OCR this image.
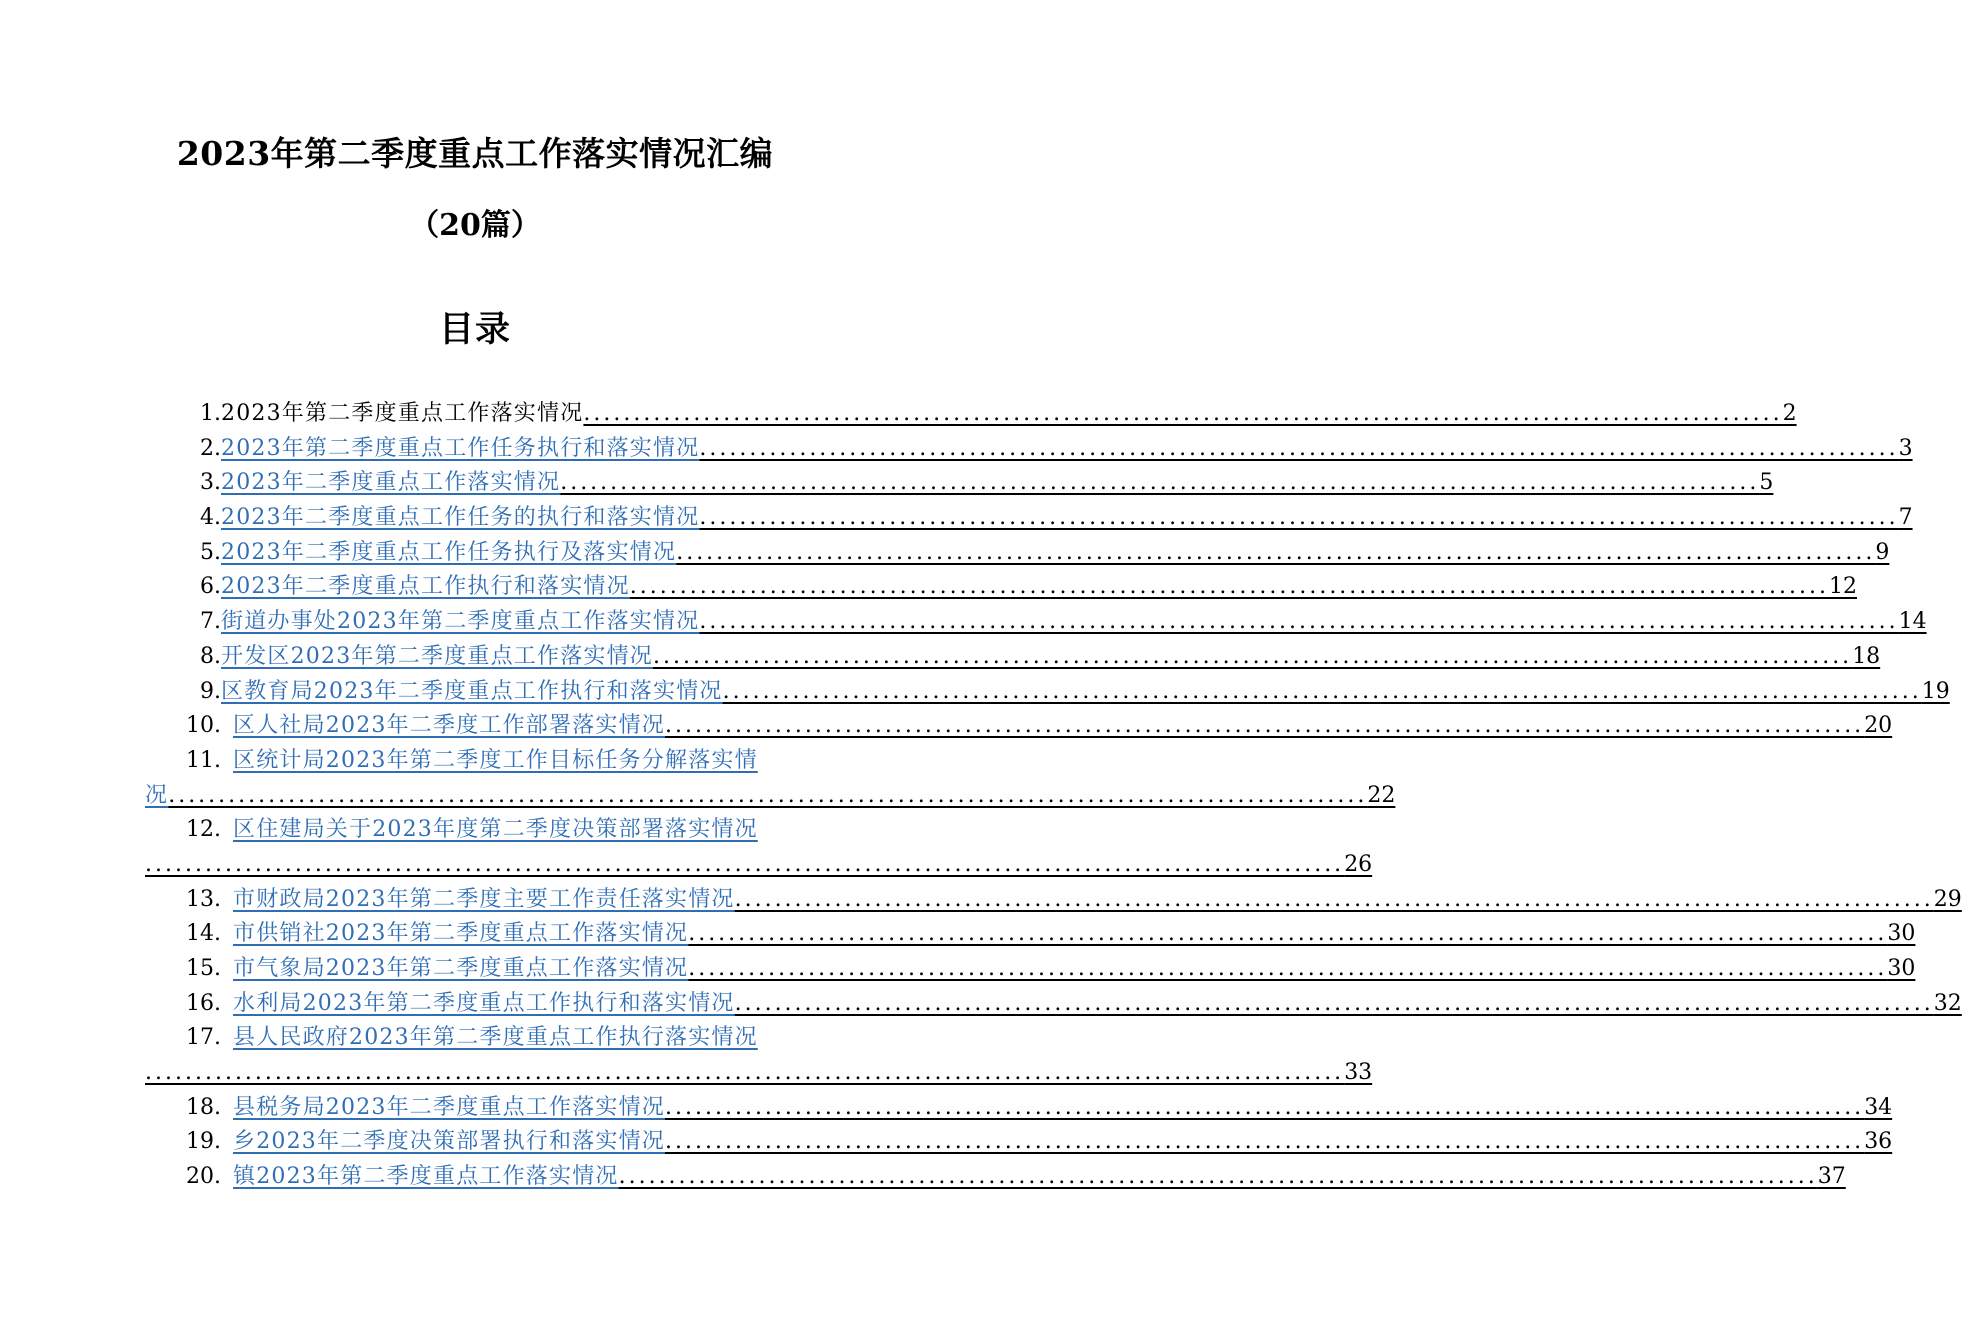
2023年第二季度重点工作落实情况汇编
（20篇）
目录
1. 2023年第二季度重点工作落实情况 ........................................................................................................................ 2
2. 2023年第二季度重点工作任务执行和落实情况 ........................................................................................................................ 3
3. 2023年二季度重点工作落实情况 ........................................................................................................................ 5
4. 2023年二季度重点工作任务的执行和落实情况 ........................................................................................................................ 7
5. 2023年二季度重点工作任务执行及落实情况 ........................................................................................................................ 9
6. 2023年二季度重点工作执行和落实情况 ........................................................................................................................ 12
7. 街道办事处2023年第二季度重点工作落实情况 ........................................................................................................................ 14
8. 开发区2023年第二季度重点工作落实情况 ........................................................................................................................ 18
9. 区教育局2023年二季度重点工作执行和落实情况 ........................................................................................................................ 19
10. 区人社局2023年二季度工作部署落实情况 ........................................................................................................................ 20
11. 区统计局2023年第二季度工作目标任务分解落实情
况 ........................................................................................................................ 22
12. 区住建局关于2023年度第二季度决策部署落实情况
........................................................................................................................ 26
13. 市财政局2023年第二季度主要工作责任落实情况 ........................................................................................................................ 29
14. 市供销社2023年第二季度重点工作落实情况 ........................................................................................................................ 30
15. 市气象局2023年第二季度重点工作落实情况 ........................................................................................................................ 30
16. 水利局2023年第二季度重点工作执行和落实情况 ........................................................................................................................ 32
17. 县人民政府2023年第二季度重点工作执行落实情况
........................................................................................................................ 33
18. 县税务局2023年二季度重点工作落实情况 ........................................................................................................................ 34
19. 乡2023年二季度决策部署执行和落实情况 ........................................................................................................................ 36
20. 镇2023年第二季度重点工作落实情况 ........................................................................................................................ 37
